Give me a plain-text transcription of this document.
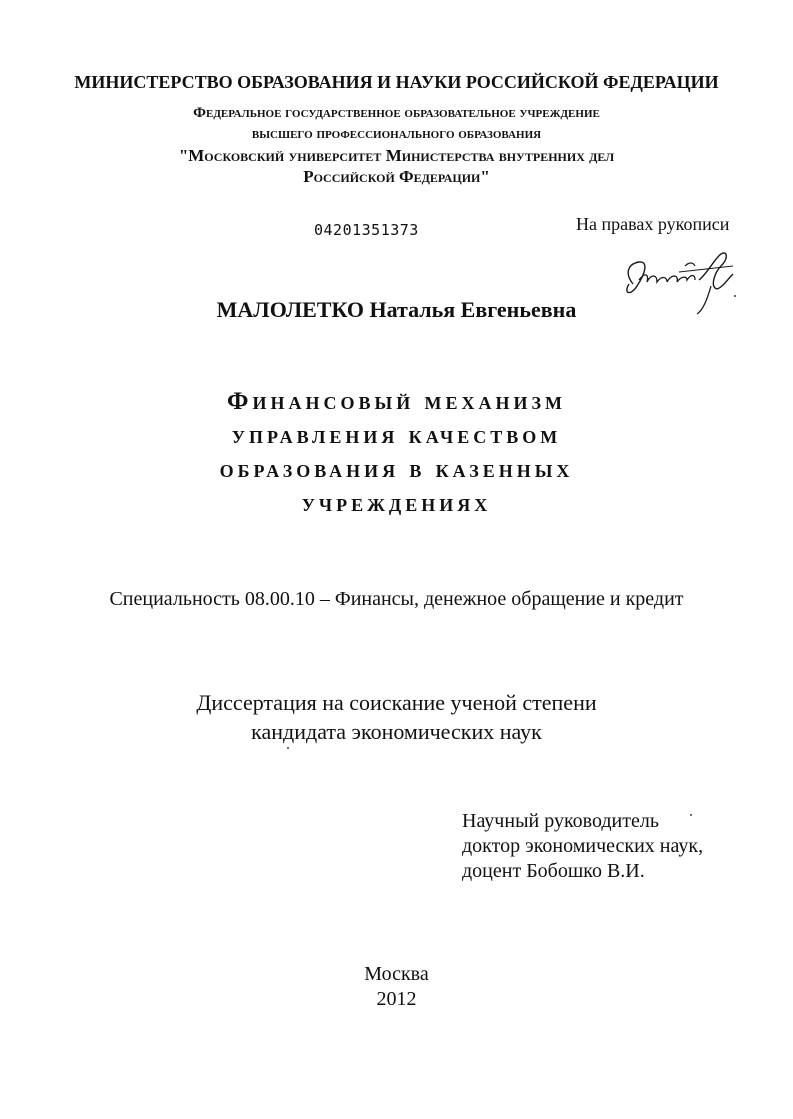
МИНИСТЕРСТВО ОБРАЗОВАНИЯ И НАУКИ РОССИЙСКОЙ ФЕДЕРАЦИИ
Федеральное государственное образовательное учреждение
высшего профессионального образования
"Московский университет Министерства внутренних дел
Российской Федерации"
04201351373	На правах рукописи
МАЛОЛЕТКО Наталья Евгеньевна
Финансовый механизм
управления качеством
образования в казенных
учреждениях
Специальность 08.00.10 – Финансы, денежное обращение и кредит
Диссертация на соискание ученой степени
кандидата экономических наук
Научный руководитель
доктор экономических наук,
доцент Бобошко В.И.
Москва
2012
